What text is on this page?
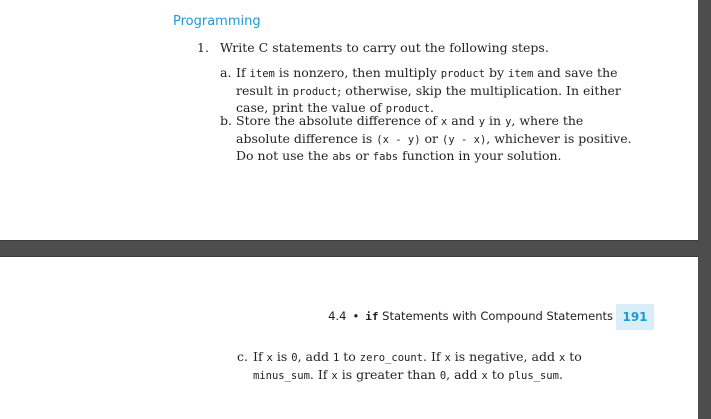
Programming
1. Write C statements to carry out the following steps.
a. If item is nonzero, then multiply product by item and save the result in product; otherwise, skip the multiplication. In either case, print the value of product.
b. Store the absolute difference of x and y in y, where the absolute difference is (x - y) or (y - x), whichever is positive. Do not use the abs or fabs function in your solution.
4.4 • if Statements with Compound Statements 191
c. If x is 0, add 1 to zero_count. If x is negative, add x to minus_sum. If x is greater than 0, add x to plus_sum.
